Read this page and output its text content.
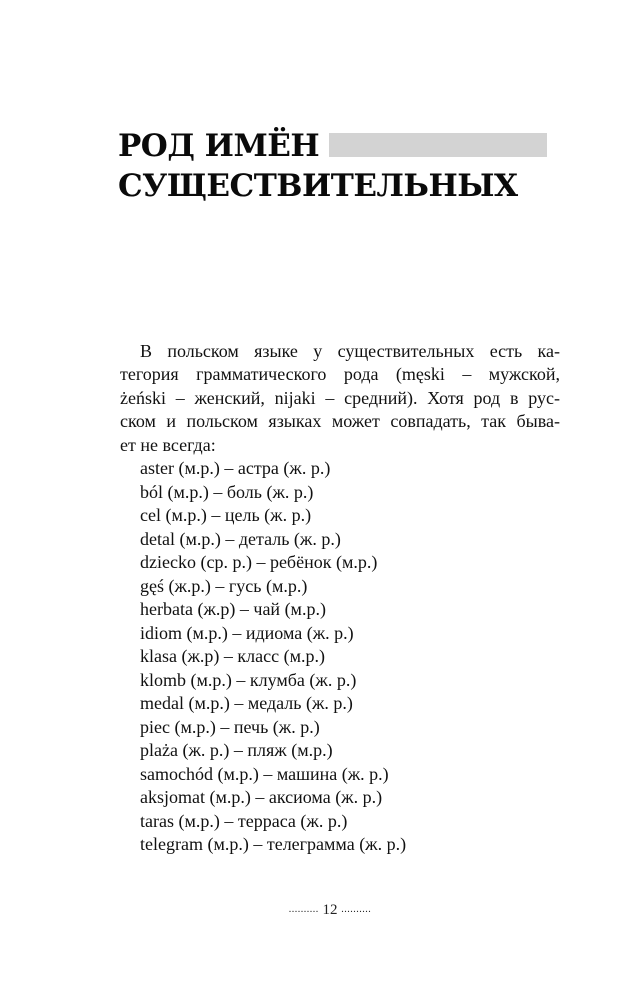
РОД ИМЁН
СУЩЕСТВИТЕЛЬНЫХ
В польском языке у существительных есть ка-
тегория грамматического рода (męski – мужской,
żeński – женский, nijaki – средний). Хотя род в рус-
ском и польском языках может совпадать, так быва-
ет не всегда:
aster (м.р.) – астра (ж. р.)
ból (м.р.) – боль (ж. р.)
cel (м.р.) – цель (ж. р.)
detal (м.р.) – деталь (ж. р.)
dziecko (ср. р.) – ребёнок (м.р.)
gęś (ж.р.) – гусь (м.р.)
herbata (ж.р) – чай (м.р.)
idiom (м.р.) – идиома (ж. р.)
klasa (ж.р) – класс (м.р.)
klomb (м.р.) – клумба (ж. р.)
medal (м.р.) – медаль (ж. р.)
piec (м.р.) – печь (ж. р.)
plaża (ж. р.) – пляж (м.р.)
samochód (м.р.) – машина (ж. р.)
aksjomat (м.р.) – аксиома (ж. р.)
taras (м.р.) – терраса (ж. р.)
telegram (м.р.) – телеграмма (ж. р.)
.......... 12 ..........
